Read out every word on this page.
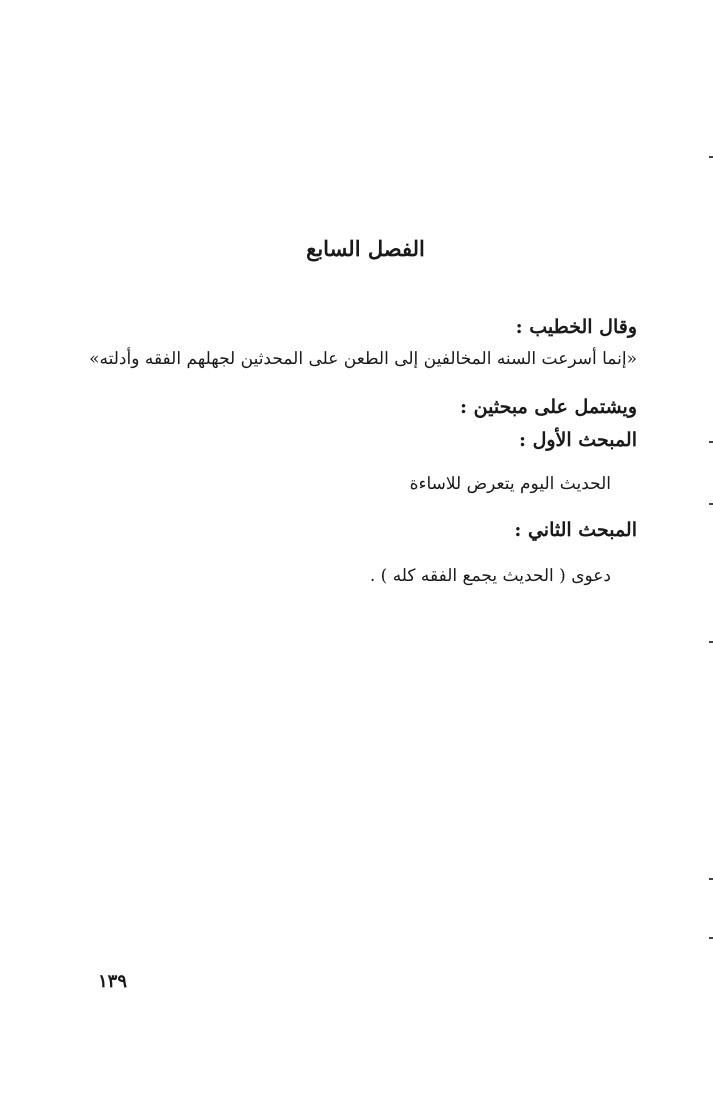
الفصل السابع

وقال الخطيب :

«إنما أسرعت السنه المخالفين إلى الطعن على المحدثين لجهلهم الفقه وأدلته»

ويشتمل على مبحثين :

المبحث الأول :

الحديث اليوم يتعرض للاساءة

المبحث الثاني :

دعوى ( الحديث يجمع الفقه كله ) .

١٣٩
